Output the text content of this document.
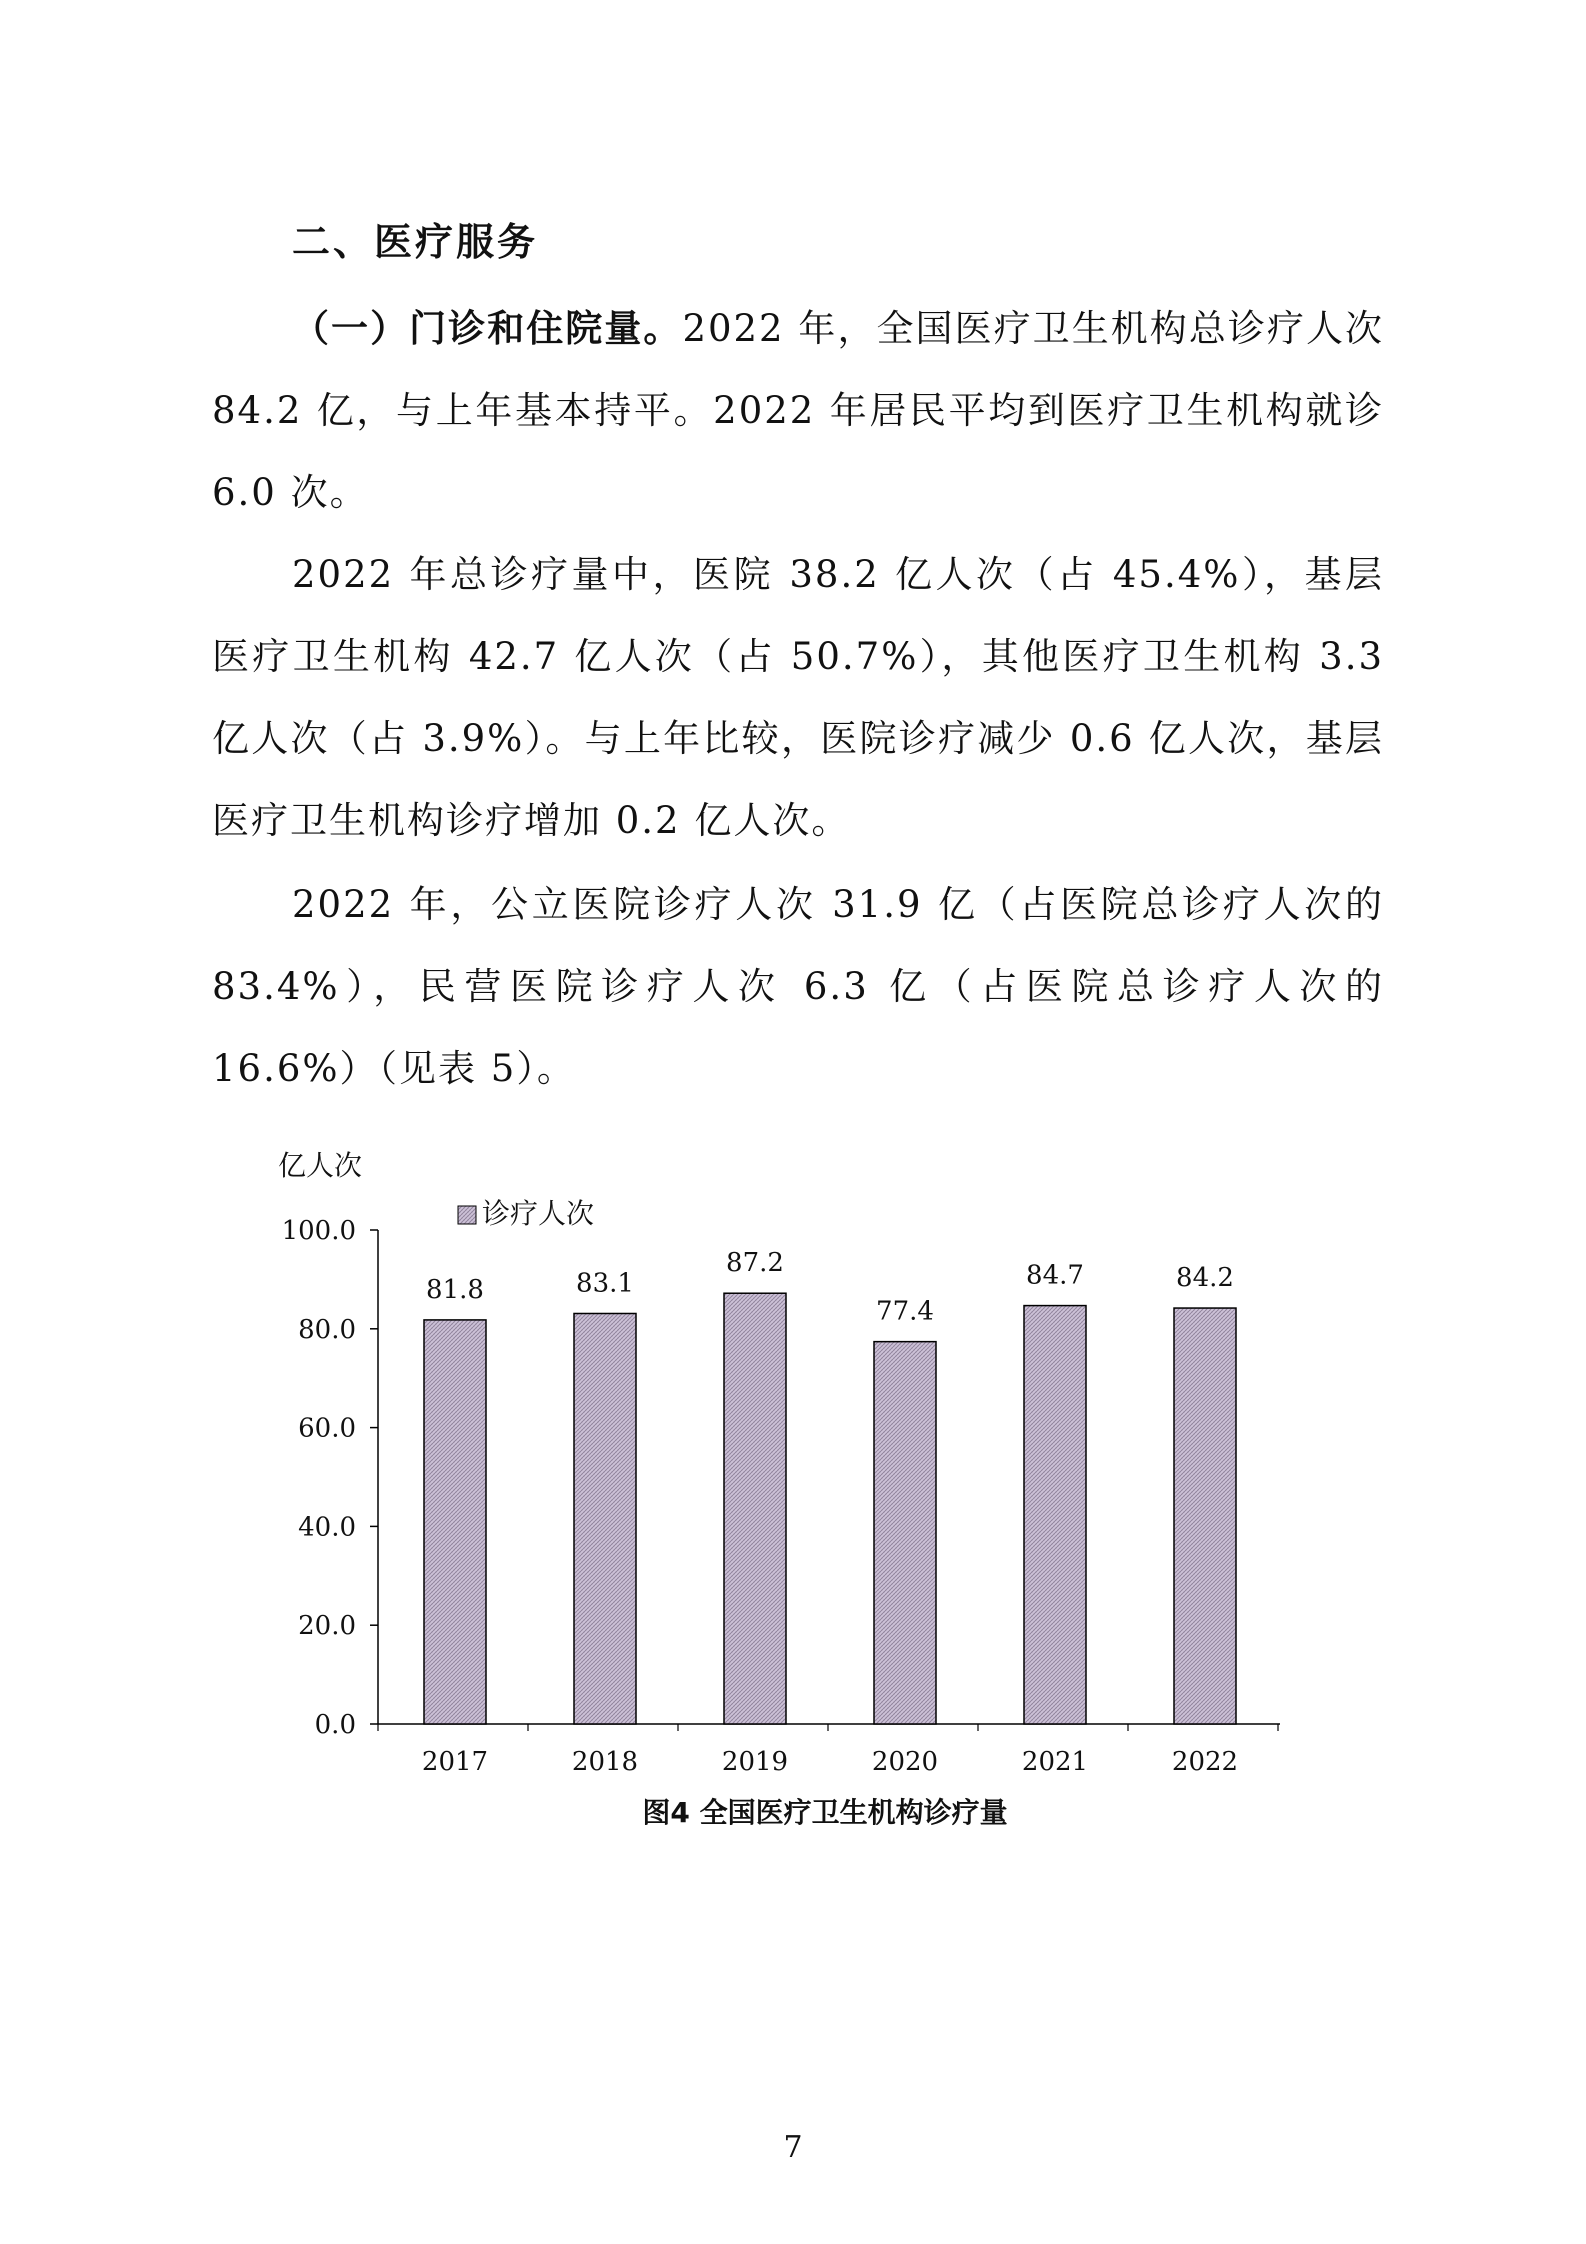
二、医疗服务

（一）门诊和住院量。2022 年，全国医疗卫生机构总诊疗人次 84.2 亿，与上年基本持平。2022 年居民平均到医疗卫生机构就诊 6.0 次。

2022 年总诊疗量中，医院 38.2 亿人次（占 45.4%），基层医疗卫生机构 42.7 亿人次（占 50.7%），其他医疗卫生机构 3.3 亿人次（占 3.9%）。与上年比较，医院诊疗减少 0.6 亿人次，基层医疗卫生机构诊疗增加 0.2 亿人次。

2022 年，公立医院诊疗人次 31.9 亿（占医院总诊疗人次的 83.4%），民营医院诊疗人次 6.3 亿（占医院总诊疗人次的 16.6%）（见表 5）。

亿人次
诊疗人次
0.0
20.0
40.0
60.0
80.0
100.0
81.8
2017
83.1
2018
87.2
2019
77.4
2020
84.7
2021
84.2
2022
图4 全国医疗卫生机构诊疗量
7
